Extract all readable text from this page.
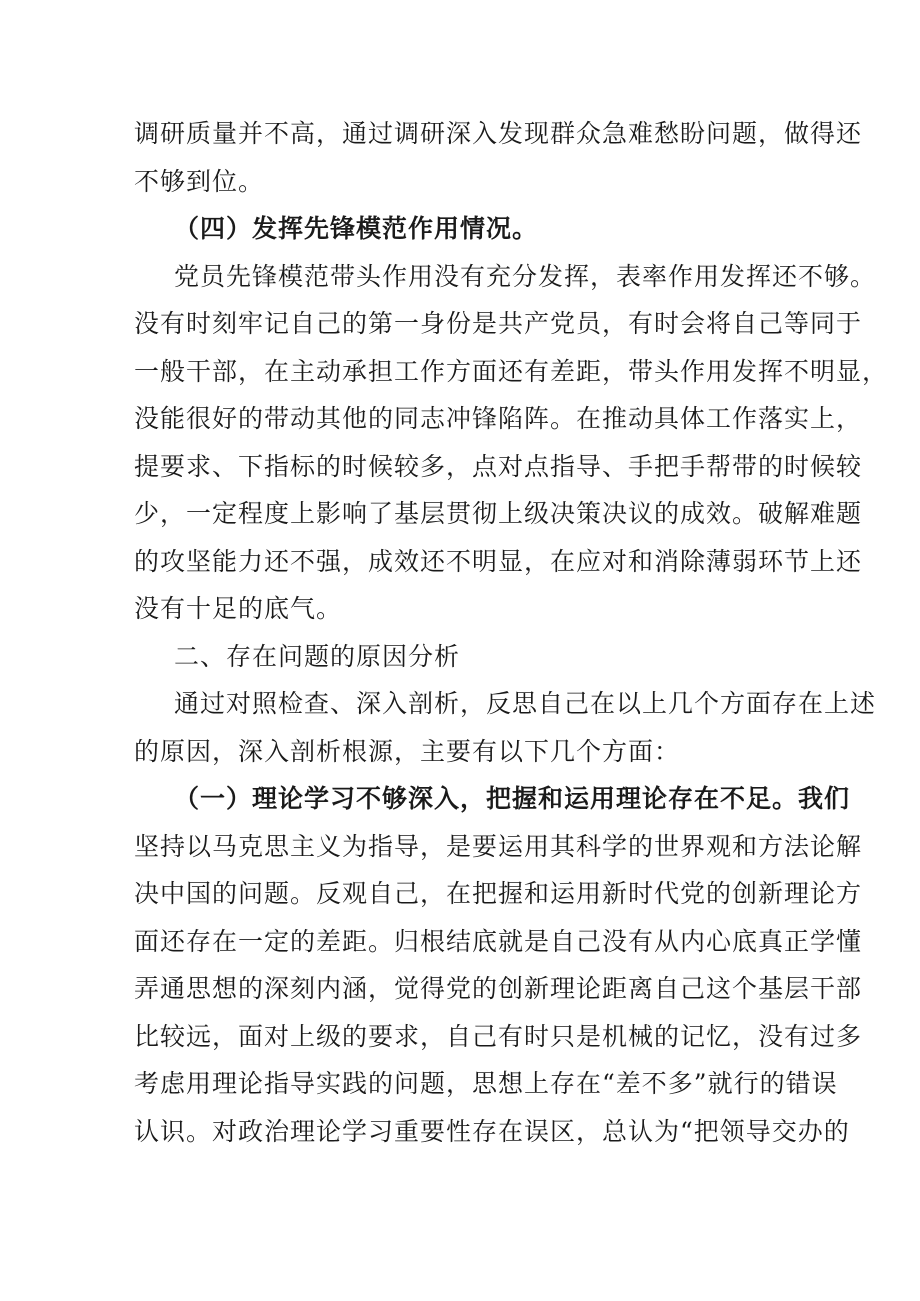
调研质量并不高，通过调研深入发现群众急难愁盼问题，做得还
不够到位。
（四）发挥先锋模范作用情况。
党员先锋模范带头作用没有充分发挥，表率作用发挥还不够。
没有时刻牢记自己的第一身份是共产党员，有时会将自己等同于
一般干部，在主动承担工作方面还有差距，带头作用发挥不明显，
没能很好的带动其他的同志冲锋陷阵。在推动具体工作落实上，
提要求、下指标的时候较多，点对点指导、手把手帮带的时候较
少，一定程度上影响了基层贯彻上级决策决议的成效。破解难题
的攻坚能力还不强，成效还不明显，在应对和消除薄弱环节上还
没有十足的底气。
二、存在问题的原因分析
通过对照检查、深入剖析，反思自己在以上几个方面存在上述
的原因，深入剖析根源，主要有以下几个方面：
（一）理论学习不够深入，把握和运用理论存在不足。我们
坚持以马克思主义为指导，是要运用其科学的世界观和方法论解
决中国的问题。反观自己，在把握和运用新时代党的创新理论方
面还存在一定的差距。归根结底就是自己没有从内心底真正学懂
弄通思想的深刻内涵，觉得党的创新理论距离自己这个基层干部
比较远，面对上级的要求，自己有时只是机械的记忆，没有过多
考虑用理论指导实践的问题，思想上存在“差不多”就行的错误
认识。对政治理论学习重要性存在误区，总认为“把领导交办的
